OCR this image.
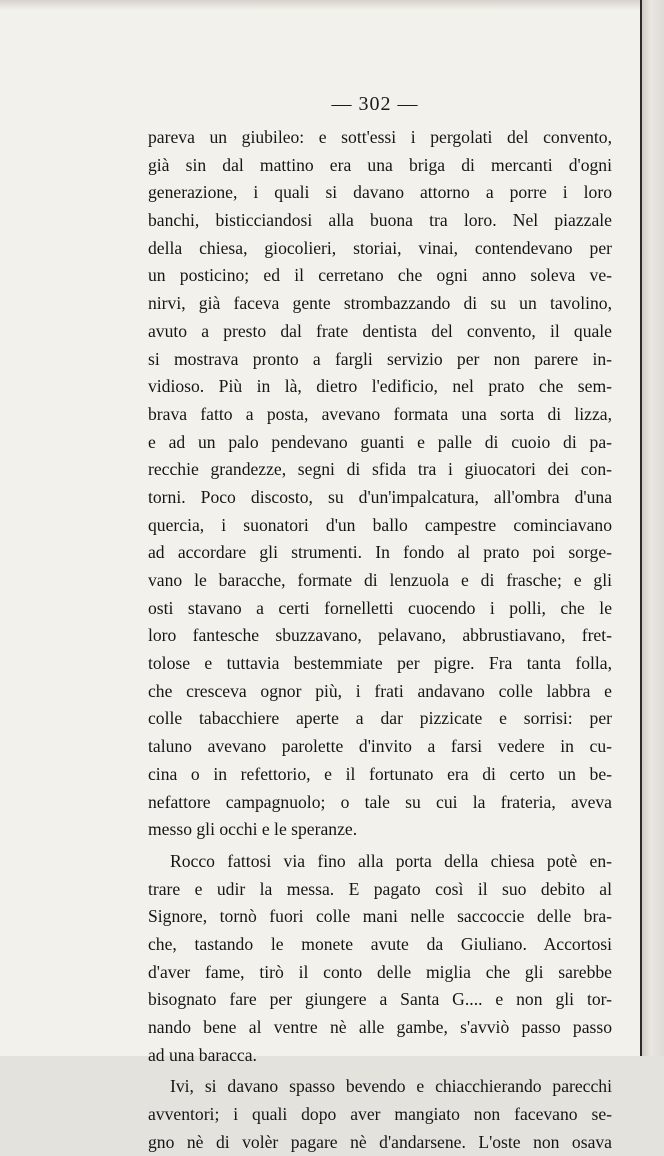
— 302 —
pareva un giubileo: e sott'essi i pergolati del convento,
già sin dal mattino era una briga di mercanti d'ogni
generazione, i quali si davano attorno a porre i loro
banchi, bisticciandosi alla buona tra loro. Nel piazzale
della chiesa, giocolieri, storiai, vinai, contendevano per
un posticino; ed il cerretano che ogni anno soleva ve-
nirvi, già faceva gente strombazzando di su un tavolino,
avuto a presto dal frate dentista del convento, il quale
si mostrava pronto a fargli servizio per non parere in-
vidioso. Più in là, dietro l'edificio, nel prato che sem-
brava fatto a posta, avevano formata una sorta di lizza,
e ad un palo pendevano guanti e palle di cuoio di pa-
recchie grandezze, segni di sfida tra i giuocatori dei con-
torni. Poco discosto, su d'un'impalcatura, all'ombra d'una
quercia, i suonatori d'un ballo campestre cominciavano
ad accordare gli strumenti. In fondo al prato poi sorge-
vano le baracche, formate di lenzuola e di frasche; e gli
osti stavano a certi fornelletti cuocendo i polli, che le
loro fantesche sbuzzavano, pelavano, abbrustiavano, fret-
tolose e tuttavia bestemmiate per pigre. Fra tanta folla,
che cresceva ognor più, i frati andavano colle labbra e
colle tabacchiere aperte a dar pizzicate e sorrisi: per
taluno avevano parolette d'invito a farsi vedere in cu-
cina o in refettorio, e il fortunato era di certo un be-
nefattore campagnuolo; o tale su cui la frateria, aveva
messo gli occhi e le speranze.
Rocco fattosi via fino alla porta della chiesa potè en-
trare e udir la messa. E pagato così il suo debito al
Signore, tornò fuori colle mani nelle saccoccie delle bra-
che, tastando le monete avute da Giuliano. Accortosi
d'aver fame, tirò il conto delle miglia che gli sarebbe
bisognato fare per giungere a Santa G.... e non gli tor-
nando bene al ventre nè alle gambe, s'avviò passo passo
ad una baracca.
Ivi, si davano spasso bevendo e chiacchierando parecchi
avventori; i quali dopo aver mangiato non facevano se-
gno nè di volèr pagare nè d'andarsene. L'oste non osava
